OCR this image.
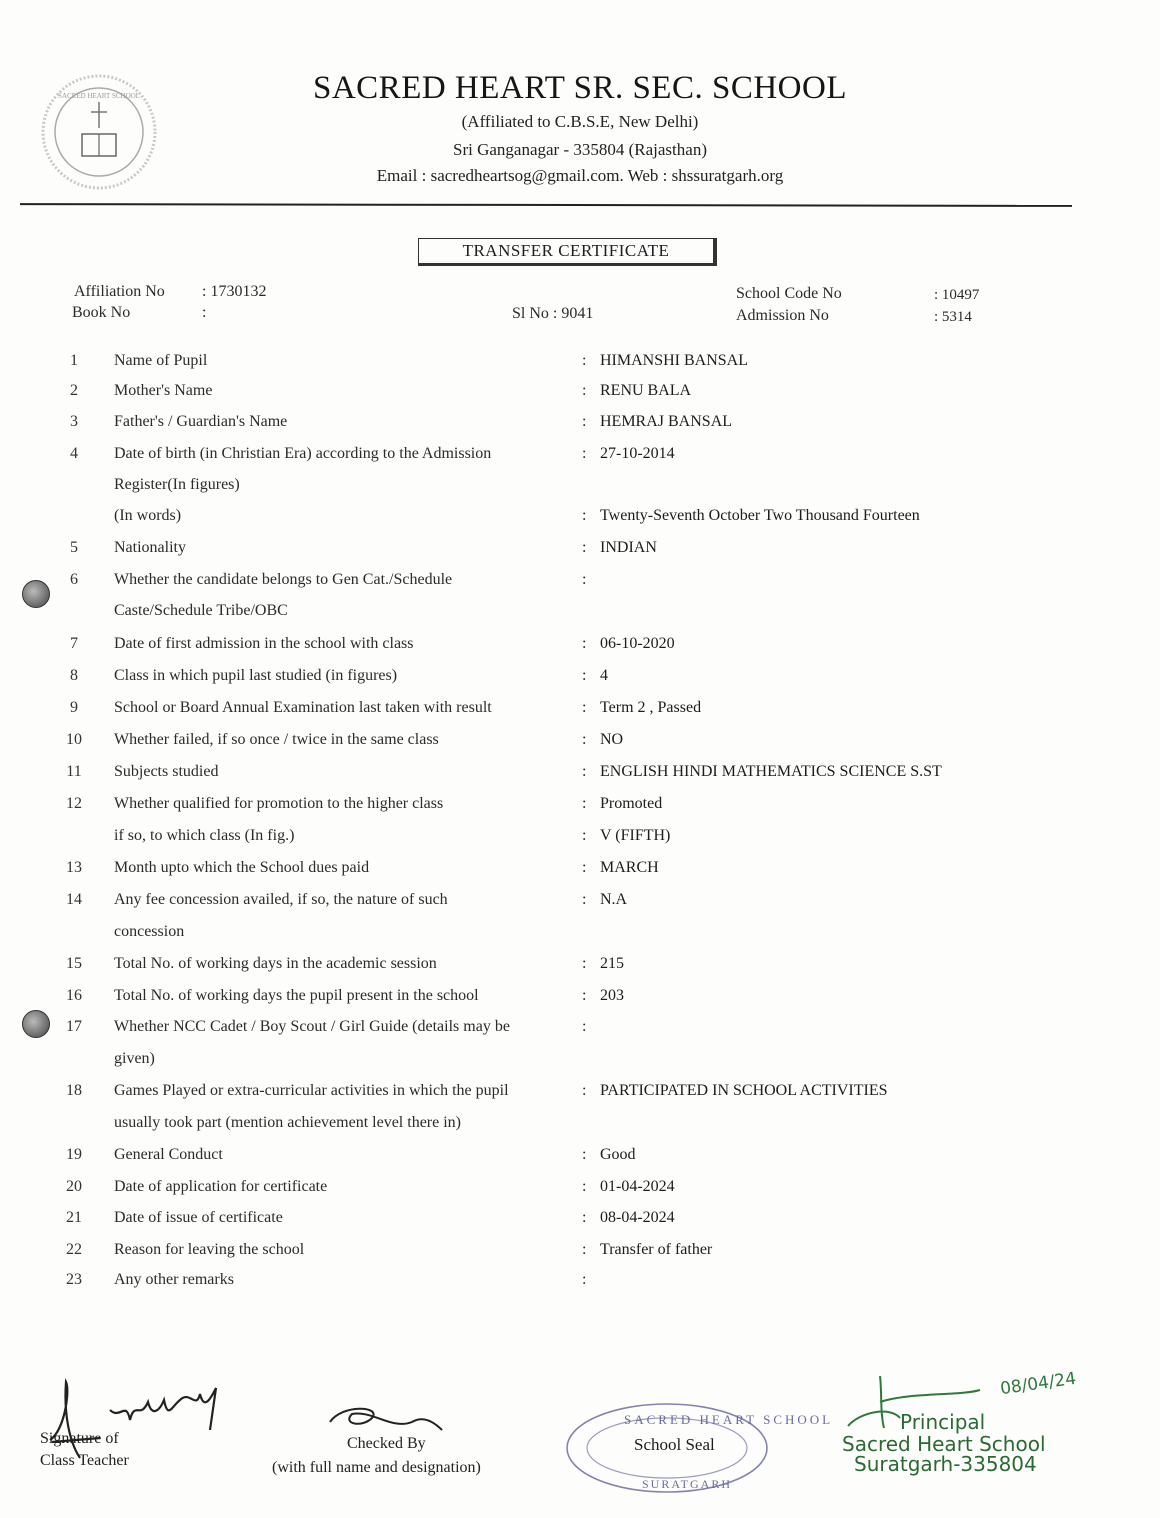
SACRED HEART SCHOOL	SACRED HEART SR. SEC. SCHOOL
(Affiliated to C.B.S.E, New Delhi)
Sri Ganganagar - 335804 (Rajasthan)
Email : sacredheartsog@gmail.com. Web : shssuratgarh.org
TRANSFER CERTIFICATE
Affiliation No : 1730132
Book No	:	Sl No : 9041
School Code No	: 10497
Admission No	: 5314
1	Name of Pupil	: HIMANSHI BANSAL
2	Mother's Name	: RENU BALA
3	Father's / Guardian's Name	: HEMRAJ BANSAL
4	Date of birth (in Christian Era) according to the Admission	: 27-10-2014
Register(In figures)
(In words)	: Twenty-Seventh October Two Thousand Fourteen
5	Nationality	: INDIAN
6	Whether the candidate belongs to Gen Cat./Schedule	:
Caste/Schedule Tribe/OBC
7	Date of first admission in the school with class	: 06-10-2020
8	Class in which pupil last studied (in figures)	: 4
9	School or Board Annual Examination last taken with result	: Term 2 , Passed
10	Whether failed, if so once / twice in the same class	: NO
11	Subjects studied	: ENGLISH HINDI MATHEMATICS SCIENCE S.ST
12	Whether qualified for promotion to the higher class	: Promoted
if so, to which class (In fig.)	: V (FIFTH)
13	Month upto which the School dues paid	: MARCH
14	Any fee concession availed, if so, the nature of such	: N.A
concession
15	Total No. of working days in the academic session	: 215
16	Total No. of working days the pupil present in the school	: 203
17	Whether NCC Cadet / Boy Scout / Girl Guide (details may be	:
given)
18	Games Played or extra-curricular activities in which the pupil	: PARTICIPATED IN SCHOOL ACTIVITIES
usually took part (mention achievement level there in)
19	General Conduct	: Good
20	Date of application for certificate	: 01-04-2024
21	Date of issue of certificate	: 08-04-2024
22	Reason for leaving the school	: Transfer of father
23	Any other remarks	:
Signature of
Class Teacher
Checked By
(with full name and designation)
SACRED HEART SCHOOL
School Seal
SURATGARH
08/04/24
Principal
Sacred Heart School
Suratgarh-335804
